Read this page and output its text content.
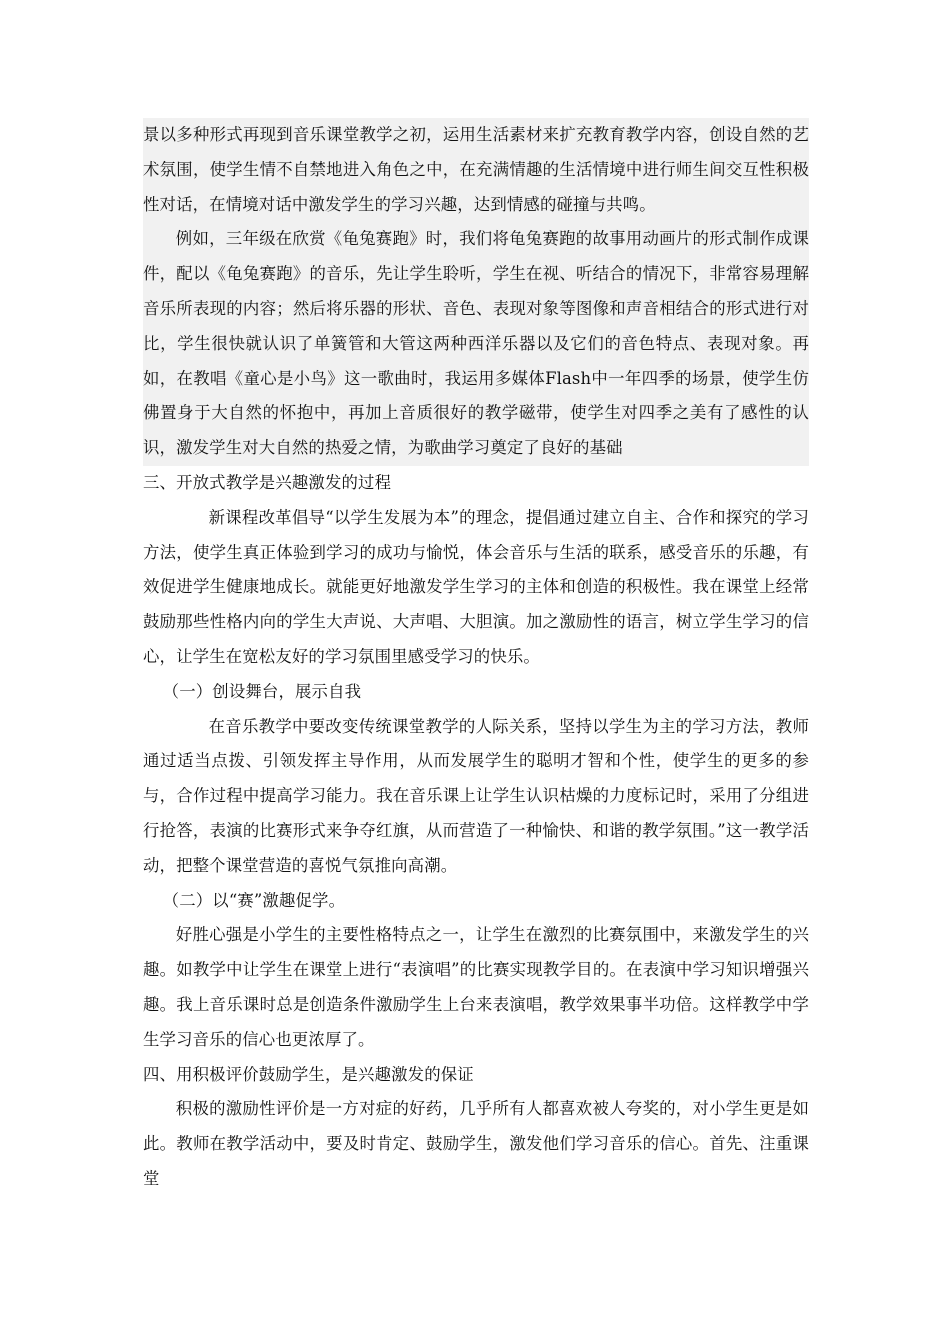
景以多种形式再现到音乐课堂教学之初，运用生活素材来扩充教育教学内容，创设自然的艺术氛围，使学生情不自禁地进入角色之中，在充满情趣的生活情境中进行师生间交互性积极性对话，在情境对话中激发学生的学习兴趣，达到情感的碰撞与共鸣。

例如，三年级在欣赏《龟兔赛跑》时，我们将龟兔赛跑的故事用动画片的形式制作成课件，配以《龟兔赛跑》的音乐，先让学生聆听，学生在视、听结合的情况下，非常容易理解音乐所表现的内容；然后将乐器的形状、音色、表现对象等图像和声音相结合的形式进行对比，学生很快就认识了单簧管和大管这两种西洋乐器以及它们的音色特点、表现对象。再如，在教唱《童心是小鸟》这一歌曲时，我运用多媒体Flash中一年四季的场景，使学生仿佛置身于大自然的怀抱中，再加上音质很好的教学磁带，使学生对四季之美有了感性的认识，激发学生对大自然的热爱之情，为歌曲学习奠定了良好的基础

三、开放式教学是兴趣激发的过程

新课程改革倡导“以学生发展为本”的理念，提倡通过建立自主、合作和探究的学习方法，使学生真正体验到学习的成功与愉悦，体会音乐与生活的联系，感受音乐的乐趣，有效促进学生健康地成长。就能更好地激发学生学习的主体和创造的积极性。我在课堂上经常鼓励那些性格内向的学生大声说、大声唱、大胆演。加之激励性的语言，树立学生学习的信心，让学生在宽松友好的学习氛围里感受学习的快乐。

（一）创设舞台，展示自我

在音乐教学中要改变传统课堂教学的人际关系，坚持以学生为主的学习方法，教师通过适当点拨、引领发挥主导作用，从而发展学生的聪明才智和个性，使学生的更多的参与，合作过程中提高学习能力。我在音乐课上让学生认识枯燥的力度标记时，采用了分组进行抢答，表演的比赛形式来争夺红旗，从而营造了一种愉快、和谐的教学氛围。”这一教学活动，把整个课堂营造的喜悦气氛推向高潮。

（二）以“赛”激趣促学。

好胜心强是小学生的主要性格特点之一，让学生在激烈的比赛氛围中，来激发学生的兴趣。如教学中让学生在课堂上进行“表演唱”的比赛实现教学目的。在表演中学习知识增强兴趣。我上音乐课时总是创造条件激励学生上台来表演唱，教学效果事半功倍。这样教学中学生学习音乐的信心也更浓厚了。

四、用积极评价鼓励学生，是兴趣激发的保证

积极的激励性评价是一方对症的好药，几乎所有人都喜欢被人夸奖的，对小学生更是如此。教师在教学活动中，要及时肯定、鼓励学生，激发他们学习音乐的信心。首先、注重课堂
